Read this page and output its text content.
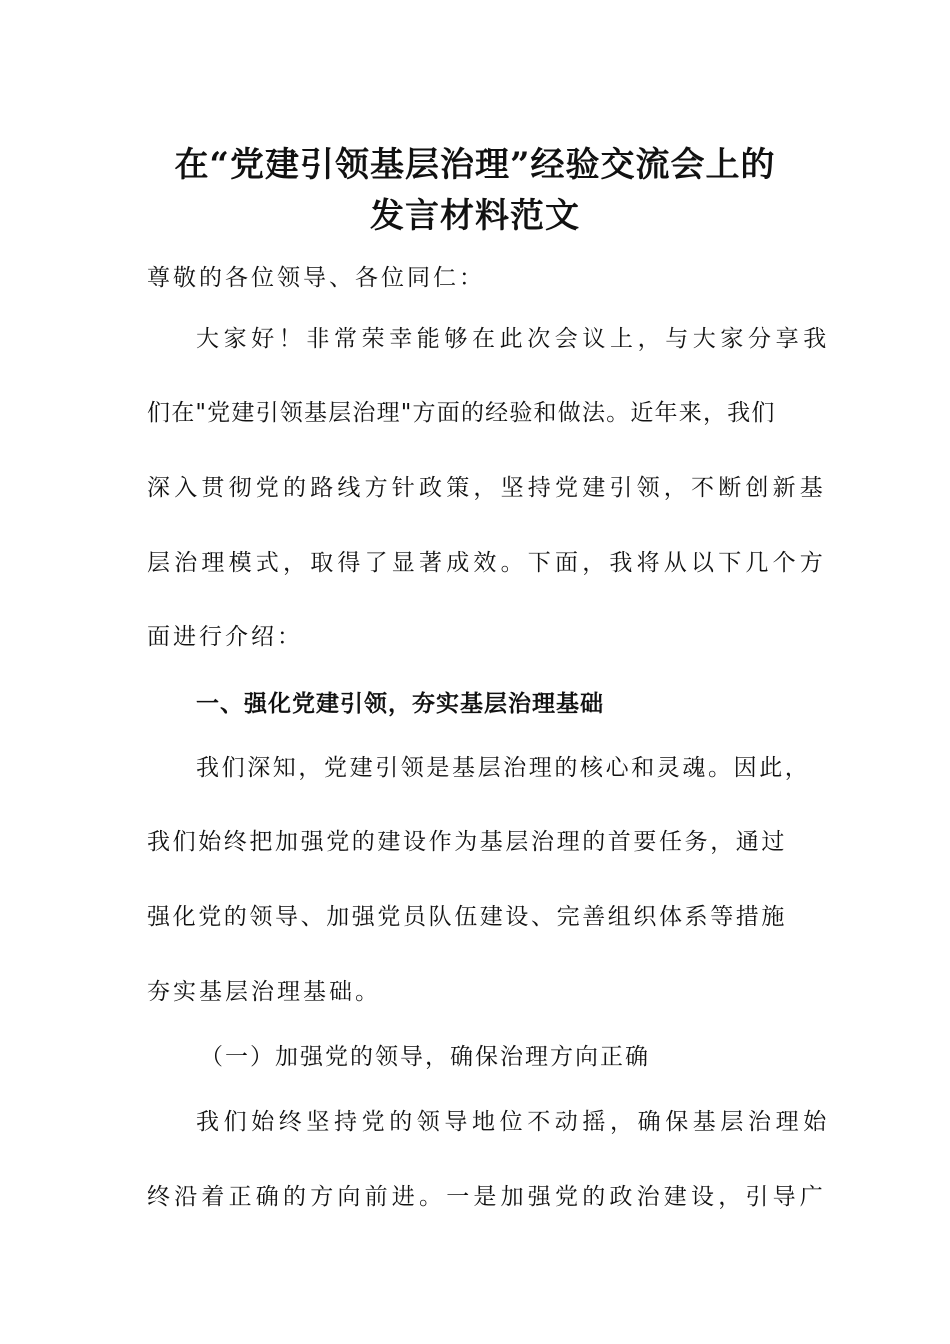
在“党建引领基层治理”经验交流会上的
发言材料范文
尊敬的各位领导、各位同仁：
大家好！非常荣幸能够在此次会议上，与大家分享我
们在"党建引领基层治理"方面的经验和做法。近年来，我们
深入贯彻党的路线方针政策，坚持党建引领，不断创新基
层治理模式，取得了显著成效。下面，我将从以下几个方
面进行介绍：
一、强化党建引领，夯实基层治理基础
我们深知，党建引领是基层治理的核心和灵魂。因此，
我们始终把加强党的建设作为基层治理的首要任务，通过
强化党的领导、加强党员队伍建设、完善组织体系等措施
夯实基层治理基础。
（一）加强党的领导，确保治理方向正确
我们始终坚持党的领导地位不动摇，确保基层治理始
终沿着正确的方向前进。一是加强党的政治建设，引导广
